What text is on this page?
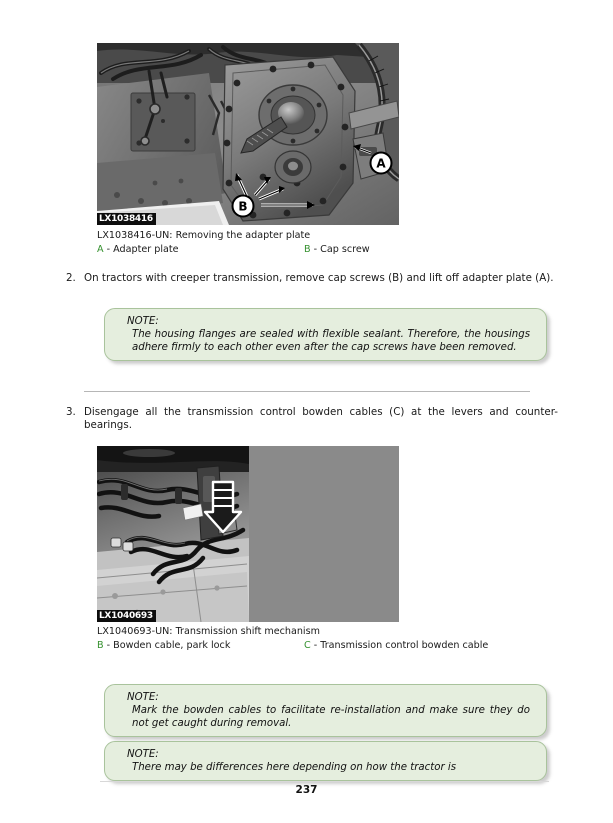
A
B
LX1038416
LX1038416-UN: Removing the adapter plate
A - Adapter plate	B - Cap screw
2. On tractors with creeper transmission, remove cap screws (B) and lift off adapter plate (A).
NOTE:
The housing flanges are sealed with flexible sealant. Therefore, the housings adhere firmly to each other even after the cap screws have been removed.
3. Disengage all the transmission control bowden cables (C) at the levers and counter-bearings.
LX1040693
LX1040693-UN: Transmission shift mechanism
B - Bowden cable, park lock	C - Transmission control bowden cable
NOTE:
Mark the bowden cables to facilitate re-installation and make sure they do not get caught during removal.
NOTE:
There may be differences here depending on how the tractor is
237
